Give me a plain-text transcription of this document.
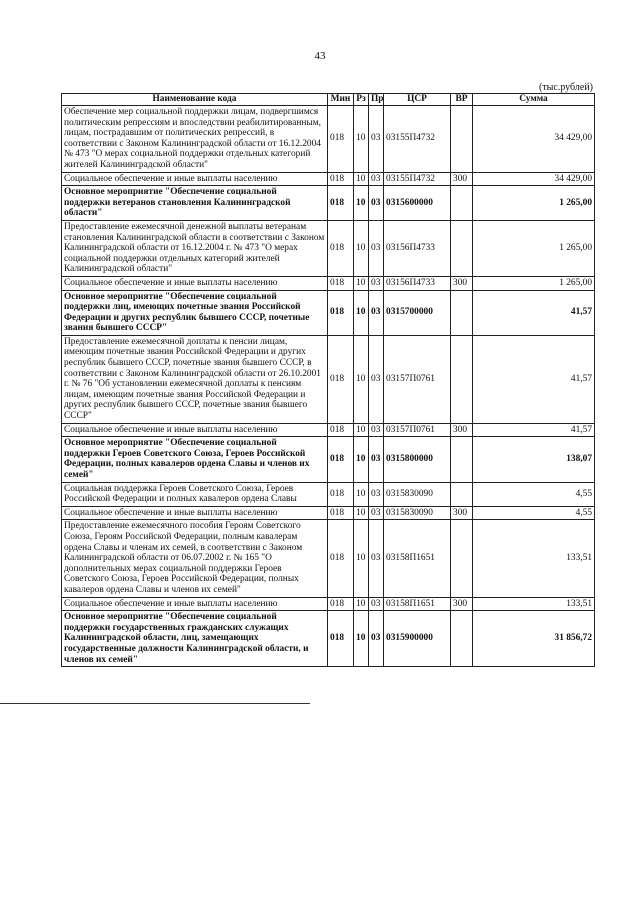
43
(тыс.рублей)
Наименование кода	Мин	Рз	Пр	ЦСР	ВР	Сумма
Обеспечение мер социальной поддержки лицам, подвергшимся политическим репрессиям и впоследствии реабилитированным, лицам, пострадавшим от политических репрессий, в соответствии с Законом Калининградской области от 16.12.2004 № 473 "О мерах социальной поддержки отдельных категорий жителей Калининградской области"	018	10	03	03155П4732		34 429,00
Социальное обеспечение и иные выплаты населению	018	10	03	03155П4732	300	34 429,00
Основное мероприятие "Обеспечение социальной поддержки ветеранов становления Калининградской области"	018	10	03	0315600000		1 265,00
Предоставление ежемесячной денежной выплаты ветеранам становления Калининградской области в соответствии с Законом Калининградской области от 16.12.2004 г. № 473 "О мерах социальной поддержки отдельных категорий жителей Калининградской области"	018	10	03	03156П4733		1 265,00
Социальное обеспечение и иные выплаты населению	018	10	03	03156П4733	300	1 265,00
Основное мероприятие "Обеспечение социальной поддержки лиц, имеющих почетные звания Российской Федерации и других республик бывшего СССР, почетные звания бывшего СССР"	018	10	03	0315700000		41,57
Предоставление ежемесячной доплаты к пенсии лицам, имеющим почетные звания Российской Федерации и других республик бывшего СССР, почетные звания бывшего СССР, в соответствии с Законом Калининградской области от 26.10.2001 г. № 76 "Об установлении ежемесячной доплаты к пенсиям лицам, имеющим почетные звания Российской Федерации и других республик бывшего СССР, почетные звания бывшего СССР"	018	10	03	03157П0761		41,57
Социальное обеспечение и иные выплаты населению	018	10	03	03157П0761	300	41,57
Основное мероприятие "Обеспечение социальной поддержки Героев Советского Союза, Героев Российской Федерации, полных кавалеров ордена Славы и членов их семей"	018	10	03	0315800000		138,07
Социальная поддержка Героев Советского Союза, Героев Российской Федерации и полных кавалеров ордена Славы	018	10	03	0315830090		4,55
Социальное обеспечение и иные выплаты населению	018	10	03	0315830090	300	4,55
Предоставление ежемесячного пособия Героям Советского Союза, Героям Российской Федерации, полным кавалерам ордена Славы и членам их семей, в соответствии с Законом Калининградской области от 06.07.2002 г. № 165 "О дополнительных мерах социальной поддержки Героев Советского Союза, Героев Российской Федерации, полных кавалеров ордена Славы и членов их семей"	018	10	03	03158П1651		133,51
Социальное обеспечение и иные выплаты населению	018	10	03	03158П1651	300	133,51
Основное мероприятие "Обеспечение социальной поддержки государственных гражданских служащих Калининградской области, лиц, замещающих государственные должности Калининградской области, и членов их семей"	018	10	03	0315900000		31 856,72
